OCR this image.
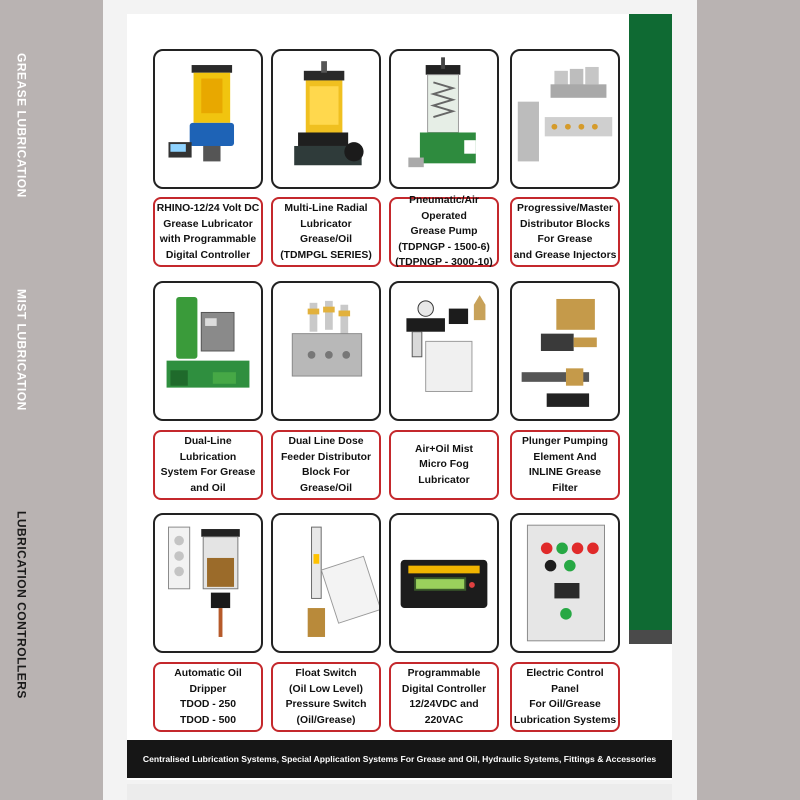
GREASE LUBRICATION
MIST LUBRICATION
LUBRICATION CONTROLLERS
RHINO-12/24 Volt DC
Grease Lubricator
with Programmable
Digital Controller
Multi-Line Radial
Lubricator
Grease/Oil
(TDMPGL SERIES)
Pneumatic/Air
Operated
Grease Pump
(TDPNGP - 1500-6)
(TDPNGP - 3000-10)
Progressive/Master
Distributor Blocks
For Grease
and Grease Injectors
Dual-Line Lubrication
System For Grease
and Oil
Dual Line Dose
Feeder Distributor
Block For
Grease/Oil
Air+Oil Mist
Micro Fog
Lubricator
Plunger Pumping
Element And
INLINE Grease
Filter
Automatic Oil
Dripper
TDOD - 250
TDOD - 500
Float Switch
(Oil Low Level)
Pressure Switch
(Oil/Grease)
Programmable
Digital Controller
12/24VDC and 220VAC
Electric Control Panel
For Oil/Grease
Lubrication Systems
Centralised Lubrication Systems, Special Application Systems For Grease and Oil, Hydraulic Systems, Fittings & Accessories
